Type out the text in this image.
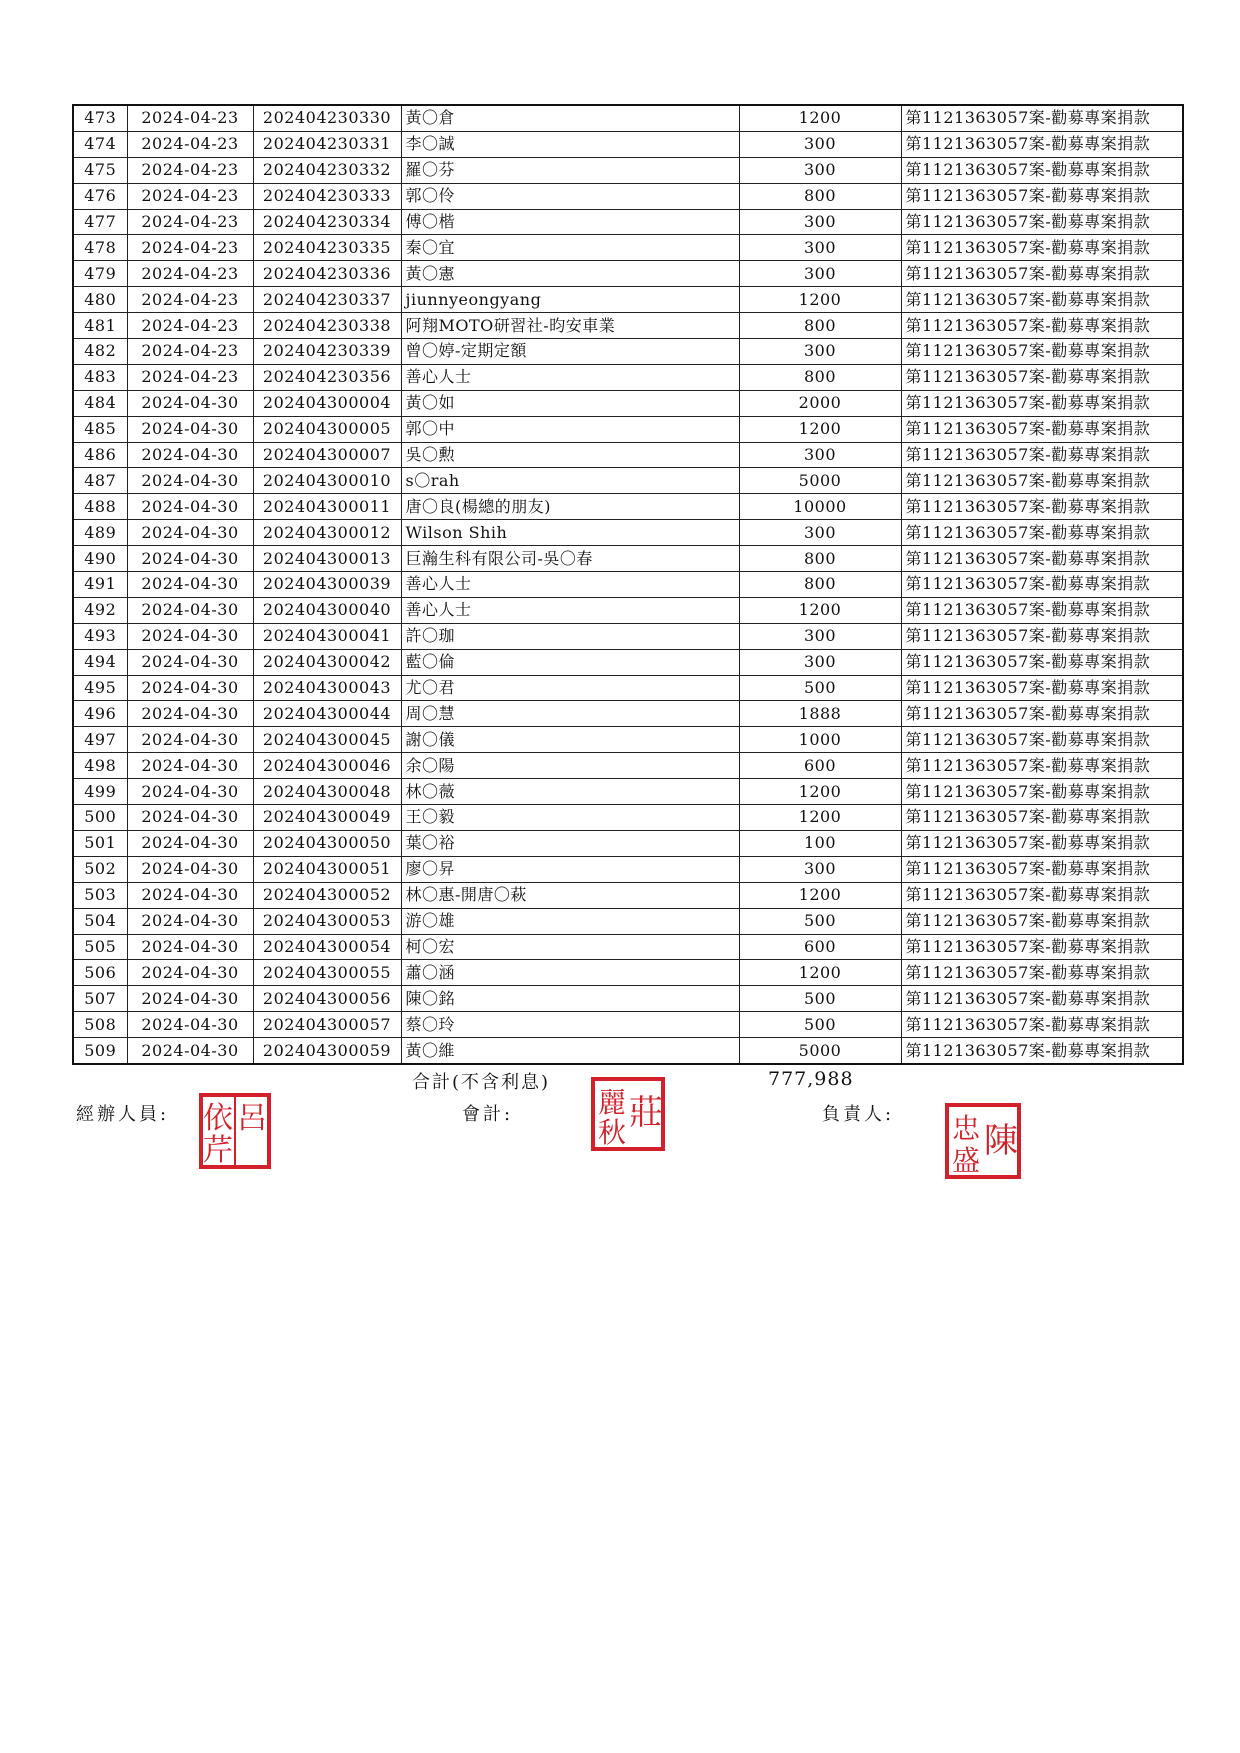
473	2024-04-23	202404230330	黃〇倉	1200	第1121363057案-勸募專案捐款
474	2024-04-23	202404230331	李〇誠	300	第1121363057案-勸募專案捐款
475	2024-04-23	202404230332	羅〇芬	300	第1121363057案-勸募專案捐款
476	2024-04-23	202404230333	郭〇伶	800	第1121363057案-勸募專案捐款
477	2024-04-23	202404230334	傅〇楷	300	第1121363057案-勸募專案捐款
478	2024-04-23	202404230335	秦〇宜	300	第1121363057案-勸募專案捐款
479	2024-04-23	202404230336	黃〇憲	300	第1121363057案-勸募專案捐款
480	2024-04-23	202404230337	jiunnyeongyang	1200	第1121363057案-勸募專案捐款
481	2024-04-23	202404230338	阿翔MOTO研習社-昀安車業	800	第1121363057案-勸募專案捐款
482	2024-04-23	202404230339	曾〇婷-定期定額	300	第1121363057案-勸募專案捐款
483	2024-04-23	202404230356	善心人士	800	第1121363057案-勸募專案捐款
484	2024-04-30	202404300004	黃〇如	2000	第1121363057案-勸募專案捐款
485	2024-04-30	202404300005	郭〇中	1200	第1121363057案-勸募專案捐款
486	2024-04-30	202404300007	吳〇勲	300	第1121363057案-勸募專案捐款
487	2024-04-30	202404300010	s〇rah	5000	第1121363057案-勸募專案捐款
488	2024-04-30	202404300011	唐〇良(楊總的朋友)	10000	第1121363057案-勸募專案捐款
489	2024-04-30	202404300012	Wilson Shih	300	第1121363057案-勸募專案捐款
490	2024-04-30	202404300013	巨瀚生科有限公司-吳〇春	800	第1121363057案-勸募專案捐款
491	2024-04-30	202404300039	善心人士	800	第1121363057案-勸募專案捐款
492	2024-04-30	202404300040	善心人士	1200	第1121363057案-勸募專案捐款
493	2024-04-30	202404300041	許〇珈	300	第1121363057案-勸募專案捐款
494	2024-04-30	202404300042	藍〇倫	300	第1121363057案-勸募專案捐款
495	2024-04-30	202404300043	尤〇君	500	第1121363057案-勸募專案捐款
496	2024-04-30	202404300044	周〇慧	1888	第1121363057案-勸募專案捐款
497	2024-04-30	202404300045	謝〇儀	1000	第1121363057案-勸募專案捐款
498	2024-04-30	202404300046	余〇陽	600	第1121363057案-勸募專案捐款
499	2024-04-30	202404300048	林〇薇	1200	第1121363057案-勸募專案捐款
500	2024-04-30	202404300049	王〇毅	1200	第1121363057案-勸募專案捐款
501	2024-04-30	202404300050	葉〇裕	100	第1121363057案-勸募專案捐款
502	2024-04-30	202404300051	廖〇昇	300	第1121363057案-勸募專案捐款
503	2024-04-30	202404300052	林〇惠-開唐〇萩	1200	第1121363057案-勸募專案捐款
504	2024-04-30	202404300053	游〇雄	500	第1121363057案-勸募專案捐款
505	2024-04-30	202404300054	柯〇宏	600	第1121363057案-勸募專案捐款
506	2024-04-30	202404300055	蕭〇涵	1200	第1121363057案-勸募專案捐款
507	2024-04-30	202404300056	陳〇銘	500	第1121363057案-勸募專案捐款
508	2024-04-30	202404300057	蔡〇玲	500	第1121363057案-勸募專案捐款
509	2024-04-30	202404300059	黃〇維	5000	第1121363057案-勸募專案捐款
合計(不含利息)	777,988
經辦人員:	會計:	負責人:
呂
依
芹
莊
麗
秋	陳
忠
盛
